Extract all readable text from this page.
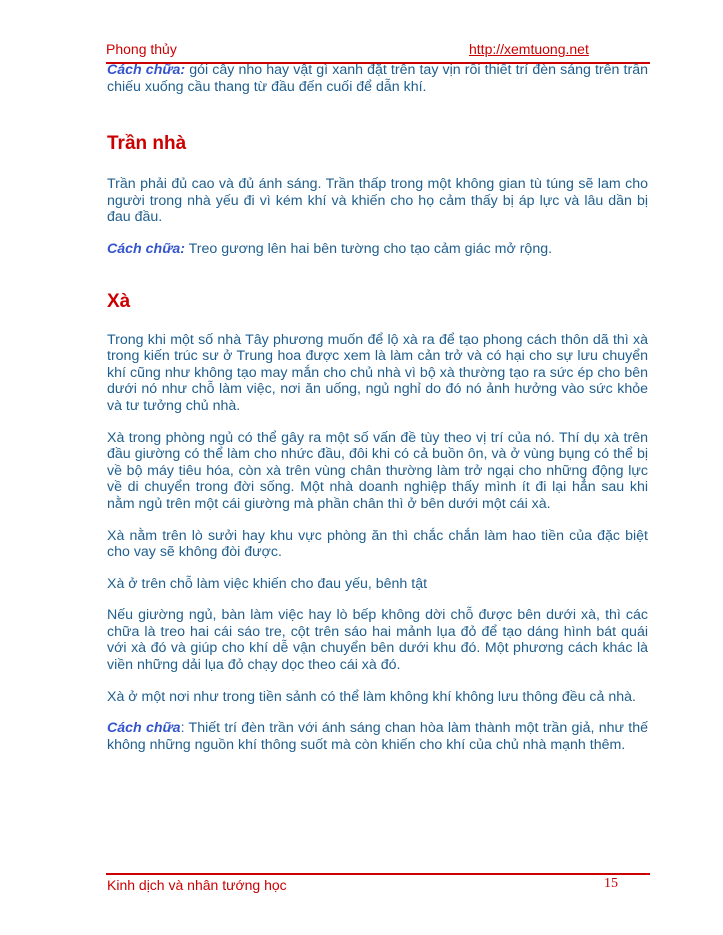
Phong thủy	http://xemtuong.net

Cách chữa: gói cây nho hay vật gì xanh đặt trên tay vịn rồi thiết trí đèn sáng trên trần chiếu xuống cầu thang từ đầu đến cuối để dẫn khí.

Trần nhà

Trần phải đủ cao và đủ ánh sáng. Trần thấp trong một không gian tù túng sẽ lam cho người trong nhà yếu đi vì kém khí và khiến cho họ cảm thấy bị áp lực và lâu dần bị đau đầu.

Cách chữa: Treo gương lên hai bên tường cho tạo cảm giác mở rộng.

Xà

Trong khi một số nhà Tây phương muốn để lộ xà ra để tạo phong cách thôn dã thì xà trong kiến trúc sư ở Trung hoa được xem là làm cản trở và có hại cho sự lưu chuyển khí cũng như không tạo may mắn cho chủ nhà vì bộ xà thường tạo ra sức ép cho bên dưới nó như chỗ làm việc, nơi ăn uống, ngủ nghỉ do đó nó ảnh hưởng vào sức khỏe và tư tưởng chủ nhà.

Xà trong phòng ngủ có thể gây ra một số vấn đề tùy theo vị trí của nó. Thí dụ xà trên đầu giường có thể làm cho nhức đầu, đôi khi có cả buồn ôn, và ở vùng bụng có thể bị về bộ máy tiêu hóa, còn xà trên vùng chân thường làm trở ngại cho những động lực về di chuyển trong đời sống. Một nhà doanh nghiệp thấy mình ít đi lại hẳn sau khi nằm ngủ trên một cái giường mà phần chân thì ở bên dưới một cái xà.

Xà nằm trên lò sưởi hay khu vực phòng ăn thì chắc chắn làm hao tiền của đặc biệt cho vay sẽ không đòi được.

Xà ở trên chỗ làm việc khiến cho đau yếu, bênh tật

Nếu giường ngủ, bàn làm việc hay lò bếp không dời chỗ được bên dưới xà, thì các chữa là treo hai cái sáo tre, cột trên sáo hai mảnh lụa đỏ để tạo dáng hình bát quái với xà đó và giúp cho khí dễ vận chuyển bên dưới khu đó. Một phương cách khác là viền những dải lụa đỏ chạy dọc theo cái xà đó.

Xà ở một nơi như trong tiền sảnh có thể làm không khí không lưu thông đều cả nhà.

Cách chữa: Thiết trí đèn trần với ánh sáng chan hòa làm thành một trần giả, như thế không những nguồn khí thông suốt mà còn khiến cho khí của chủ nhà mạnh thêm.

Kinh dịch và nhân tướng học	15
